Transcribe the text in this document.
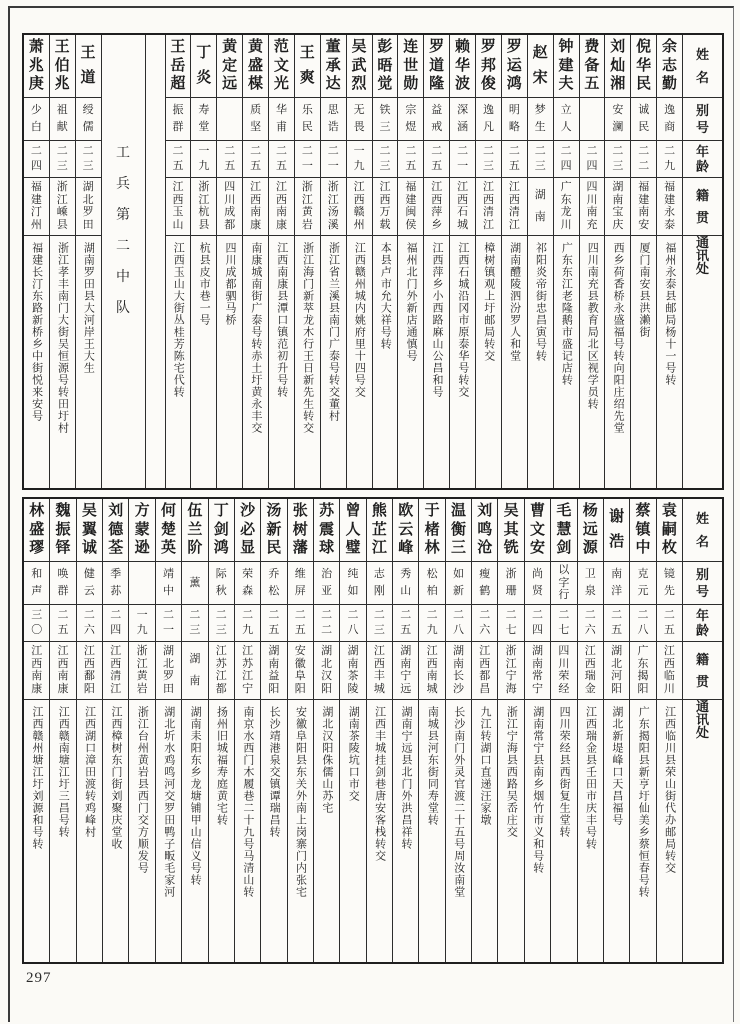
姓
名
别
号
年
龄
籍
贯
通
讯
处
余
志
勤
逸
商
二
九
福
建
永
泰
福州永泰县邮局杨十一号转
倪
华
民
诚
民
二
二
福
建
南
安
厦门南安县洪濑街
刘
灿
湘
安
澜
二
三
湖
南
宝
庆
西乡荷香桥永盛福号转向阳庄绍先堂
费
备
五
二
四
四
川
南
充
四川南充县教育局北区视学员转
钟
建
夫
立
人
二
四
广
东
龙
川
广东东江老隆鹅市盛记店转
赵
宋
梦
生
二
三
湖
南
祁阳炎帝街忠昌寅号转
罗
运
鸿
明
略
二
五
江
西
清
江
湖南醴陵泗汾罗人和堂
罗
邦
俊
逸
凡
二
三
江
西
清
江
樟树镇观上圩邮局转交
赖
华
波
深
涵
二
一
江
西
石
城
江西石城沿冈市原泰华号转交
罗
道
隆
益
戒
二
五
江
西
萍
乡
江西萍乡小西路麻山公昌和号
连
世
勋
宗
煜
二
五
福
建
闽
侯
福州北门外新店通慎号
彭
晤
觉
铁
三
二
三
江
西
万
载
本县卢市允大祥号转
吴
武
烈
无
畏
一
九
江
西
赣
州
江西赣州城内姚府里十四号交
董
承
达
思
诰
二
一
浙
江
汤
溪
浙江省兰溪县南门广泰号转交董村
王
爽
乐
民
二
一
浙
江
黄
岩
浙江海门新萃龙木行王日新先生转交
范
文
光
华
甫
二
五
江
西
南
康
江西南康县潭口镇范初升号转
黄
盛
楳
质
坚
二
五
江
西
南
康
南康城南街广泰号转赤土圩黄永丰交
黄
定
远
二
五
四
川
成
都
四川成都驷马桥
丁
炎
寿
堂
一
九
浙
江
杭
县
杭县皮市巷一号
王
岳
超
振
群
二
五
江
西
玉
山
江西玉山大街丛桂芳陈宅代转
工
兵
第
二
中
队
王
道
绶
儒
二
三
湖
北
罗
田
湖南罗田县大河岸王大生
王
伯
兆
祖
献
二
三
浙
江
嵊
县
浙江孝丰南门大街吴恒源号转田圩村
萧
兆
庚
少
白
二
四
福
建
汀
州
福建长汀东路新桥乡中街悦来安号
姓
名
别
号
年
龄
籍
贯
通
讯
处
袁
嗣
枚
镜
先
二
五
江
西
临
川
江西临川县荣山街代办邮局转交
蔡
镇
中
克
元
二
八
广
东
揭
阳
广东揭阳县新亨圩仙美乡蔡恒春号转
谢
浩
南
洋
二
五
湖
北
河
阳
湖北新堤峰口天昌福号
杨
远
源
卫
泉
二
六
江
西
瑞
金
江西瑞金县壬田市庆丰号转
毛
慧
剑
以
字
行
二
七
四
川
荣
经
四川荣经县西街复生堂转
曹
文
安
尚
贤
二
四
湖
南
常
宁
湖南常宁县南乡烟竹市义和号转
吴
其
铣
浙
珊
二
七
浙
江
宁
海
浙江宁海县西路吴岙庄交
刘
鸣
沧
瘦
鹤
二
六
江
西
都
昌
九江转湖口直递汪家墩
温
衡
三
如
新
二
八
湖
南
长
沙
长沙南门外灵官渡二十五号周汝南堂
于
楮
林
松
柏
二
九
江
西
南
城
南城县河东街同寿堂转
欧
云
峰
秀
山
二
五
湖
南
宁
远
湖南宁远县北门外洪昌祥转
熊
芷
江
志
刚
二
三
江
西
丰
城
江西丰城挂剑巷唐安客栈转交
曾
人
璧
纯
如
二
八
湖
南
茶
陵
湖南茶陵坑口市交
苏
震
球
治
亚
二
二
湖
北
汉
阳
湖北汉阳侏儒山苏宅
张
树
藩
维
屏
二
五
安
徽
阜
阳
安徽阜阳县东关外南上岗寨门内张宅
汤
新
民
乔
松
二
五
湖
南
益
阳
长沙靖港泉交镇谭瑞昌转
沙
必
显
荣
森
二
九
江
苏
江
宁
南京水西门木履巷二十九号马清山转
丁
剑
鸿
际
秋
二
三
江
苏
江
都
扬州旧城福寿庭黄宅转
伍
兰
阶
薰
二
三
湖
南
湖南耒阳东乡龙塘铺甲山信义号转
何
楚
英
靖
中
二
一
湖
北
罗
田
湖北圻水鸡鸣河交罗田鸭子畈毛家河
方
蒙
逊
一
九
浙
江
黄
岩
浙江台州黄岩县西门交方顺发号
刘
德
荃
季
荪
二
四
江
西
清
江
江西樟树东门街刘聚庆堂收
吴
翼
诚
健
云
二
六
江
西
鄱
阳
江西湖口漳田渡转鸡峰村
魏
振
铎
唤
群
二
五
江
西
南
康
江西赣南塘江圩三昌号转
林
盛
璆
和
声
三
〇
江
西
南
康
江西赣州塘江圩刘源和号转
297
